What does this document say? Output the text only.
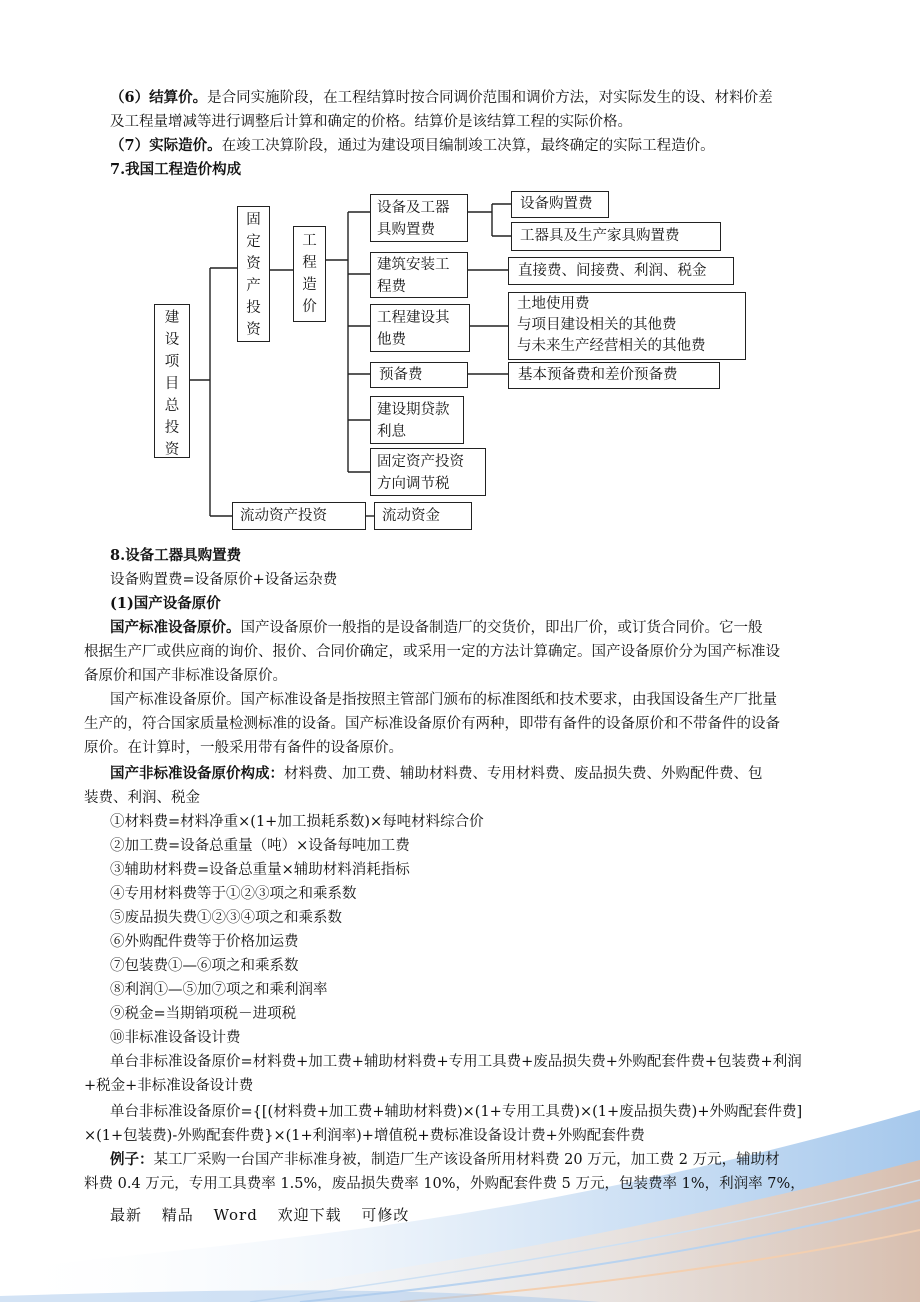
（6）结算价。是合同实施阶段，在工程结算时按合同调价范围和调价方法，对实际发生的设、材料价差
及工程量增减等进行调整后计算和确定的价格。结算价是该结算工程的实际价格。
（7）实际造价。在竣工决算阶段，通过为建设项目编制竣工决算，最终确定的实际工程造价。
7.我国工程造价构成
建
设
项
目
总
投
资
固
定
资
产
投
资
工
程
造
价
设备及工器
具购置费
设备购置费
工器具及生产家具购置费
建筑安装工
程费
直接费、间接费、利润、税金
工程建设其
他费
土地使用费
与项目建设相关的其他费
与未来生产经营相关的其他费
预备费	基本预备费和差价预备费
建设期贷款
利息
固定资产投资
方向调节税
流动资产投资	流动资金
8.设备工器具购置费
设备购置费=设备原价+设备运杂费
(1)国产设备原价
国产标准设备原价。国产设备原价一般指的是设备制造厂的交货价，即出厂价，或订货合同价。它一般
根据生产厂或供应商的询价、报价、合同价确定，或采用一定的方法计算确定。国产设备原价分为国产标准设
备原价和国产非标准设备原价。
国产标准设备原价。国产标准设备是指按照主管部门颁布的标准图纸和技术要求，由我国设备生产厂批量
生产的，符合国家质量检测标准的设备。国产标准设备原价有两种，即带有备件的设备原价和不带备件的设备
原价。在计算时，一般采用带有备件的设备原价。
国产非标准设备原价构成：材料费、加工费、辅助材料费、专用材料费、废品损失费、外购配件费、包
装费、利润、税金
①材料费=材料净重×(1+加工损耗系数)×每吨材料综合价
②加工费=设备总重量（吨）×设备每吨加工费
③辅助材料费=设备总重量×辅助材料消耗指标
④专用材料费等于①②③项之和乘系数
⑤废品损失费①②③④项之和乘系数
⑥外购配件费等于价格加运费
⑦包装费①—⑥项之和乘系数
⑧利润①—⑤加⑦项之和乘利润率
⑨税金=当期销项税－进项税
⑩非标准设备设计费
单台非标准设备原价=材料费+加工费+辅助材料费+专用工具费+废品损失费+外购配套件费+包装费+利润
+税金+非标准设备设计费
单台非标准设备原价={[(材料费+加工费+辅助材料费)×(1+专用工具费)×(1+废品损失费)+外购配套件费]
×(1+包装费)-外购配套件费}×(1+利润率)+增值税+费标准设备设计费+外购配套件费
例子：某工厂采购一台国产非标准身被，制造厂生产该设备所用材料费 20 万元，加工费 2 万元，辅助材
料费 0.4 万元，专用工具费率 1.5%，废品损失费率 10%，外购配套件费 5 万元，包装费率 1%，利润率 7%，
最新 精品 Word 欢迎下载 可修改
